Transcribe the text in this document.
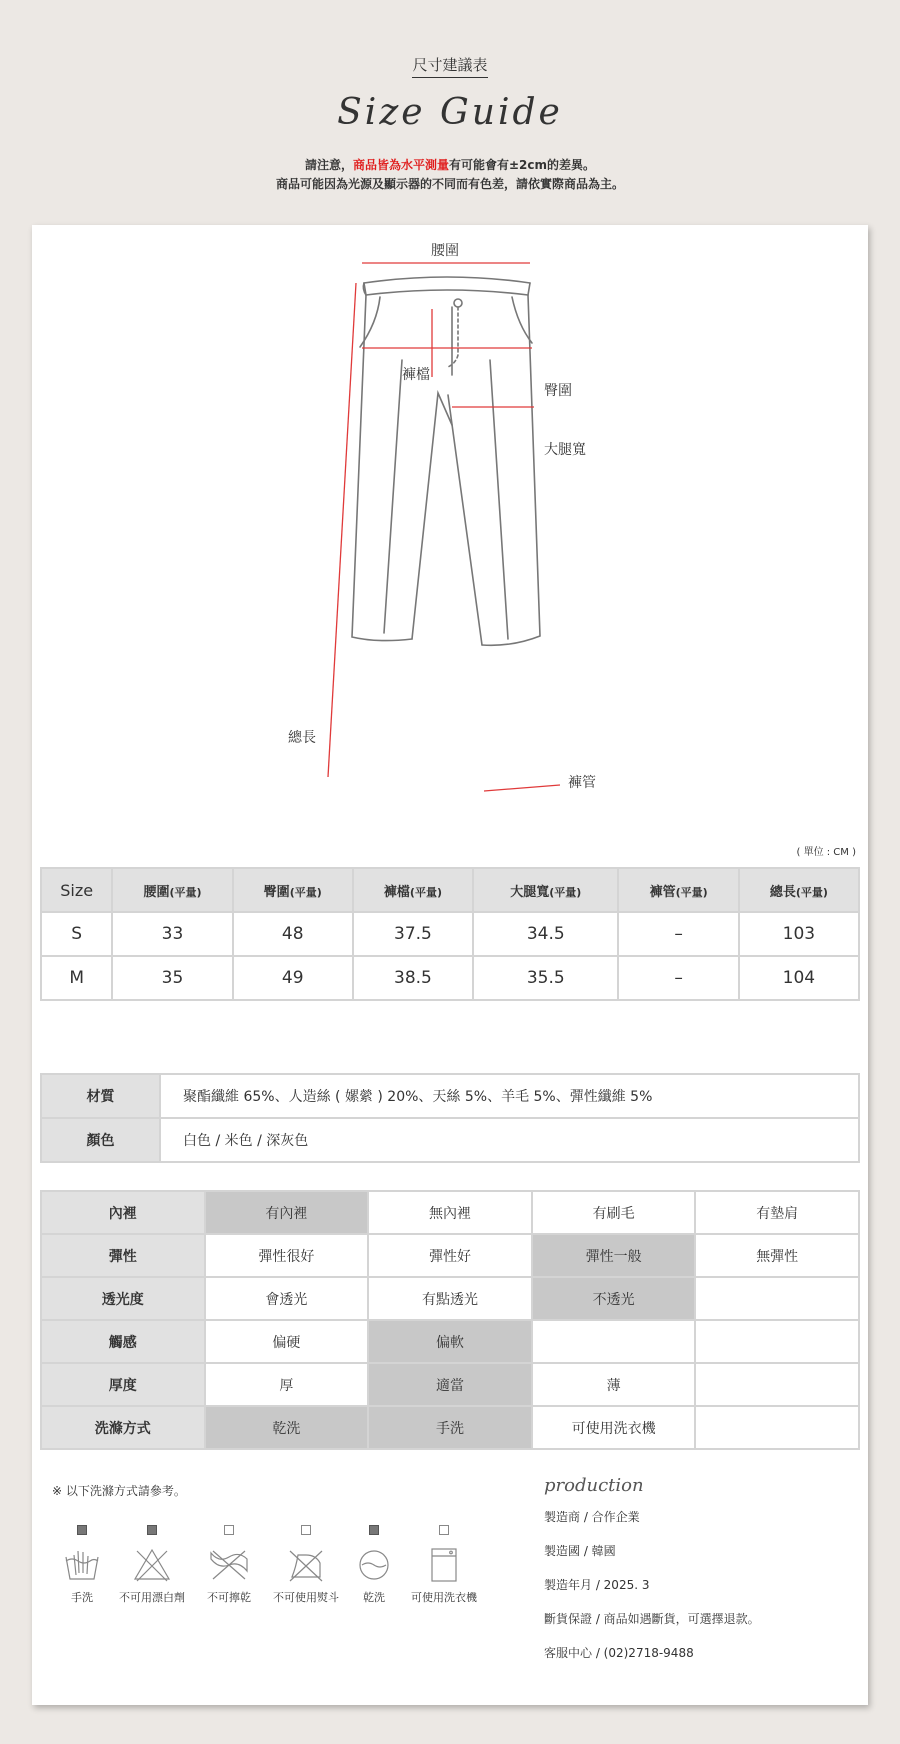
尺寸建議表
Size Guide
請注意，商品皆為水平測量有可能會有±2cm的差異。
商品可能因為光源及顯示器的不同而有色差，請依實際商品為主。
腰圍
褲檔
臀圍
大腿寬
總長
褲管
( 單位 : CM )
Size	腰圍(平量)	臀圍(平量)	褲檔(平量)	大腿寬(平量)	褲管(平量)	總長(平量)
S	33	48	37.5	34.5	–	103
M	35	49	38.5	35.5	–	104
材質	聚酯纖維 65%、人造絲 ( 嫘縈 ) 20%、天絲 5%、羊毛 5%、彈性纖維 5%
顏色	白色 / 米色 / 深灰色
內裡	有內裡	無內裡	有刷毛	有墊肩
彈性	彈性很好	彈性好	彈性一般	無彈性
透光度	會透光	有點透光	不透光	
觸感	偏硬	偏軟		
厚度	厚	適當	薄	
洗滌方式	乾洗	手洗	可使用洗衣機	
※ 以下洗滌方式請參考。
手洗	不可用漂白劑	不可擰乾	不可使用熨斗	乾洗	可使用洗衣機
production
製造商 / 合作企業
製造國 / 韓國
製造年月 / 2025. 3
斷貨保證 / 商品如遇斷貨，可選擇退款。
客服中心 / (02)2718-9488
